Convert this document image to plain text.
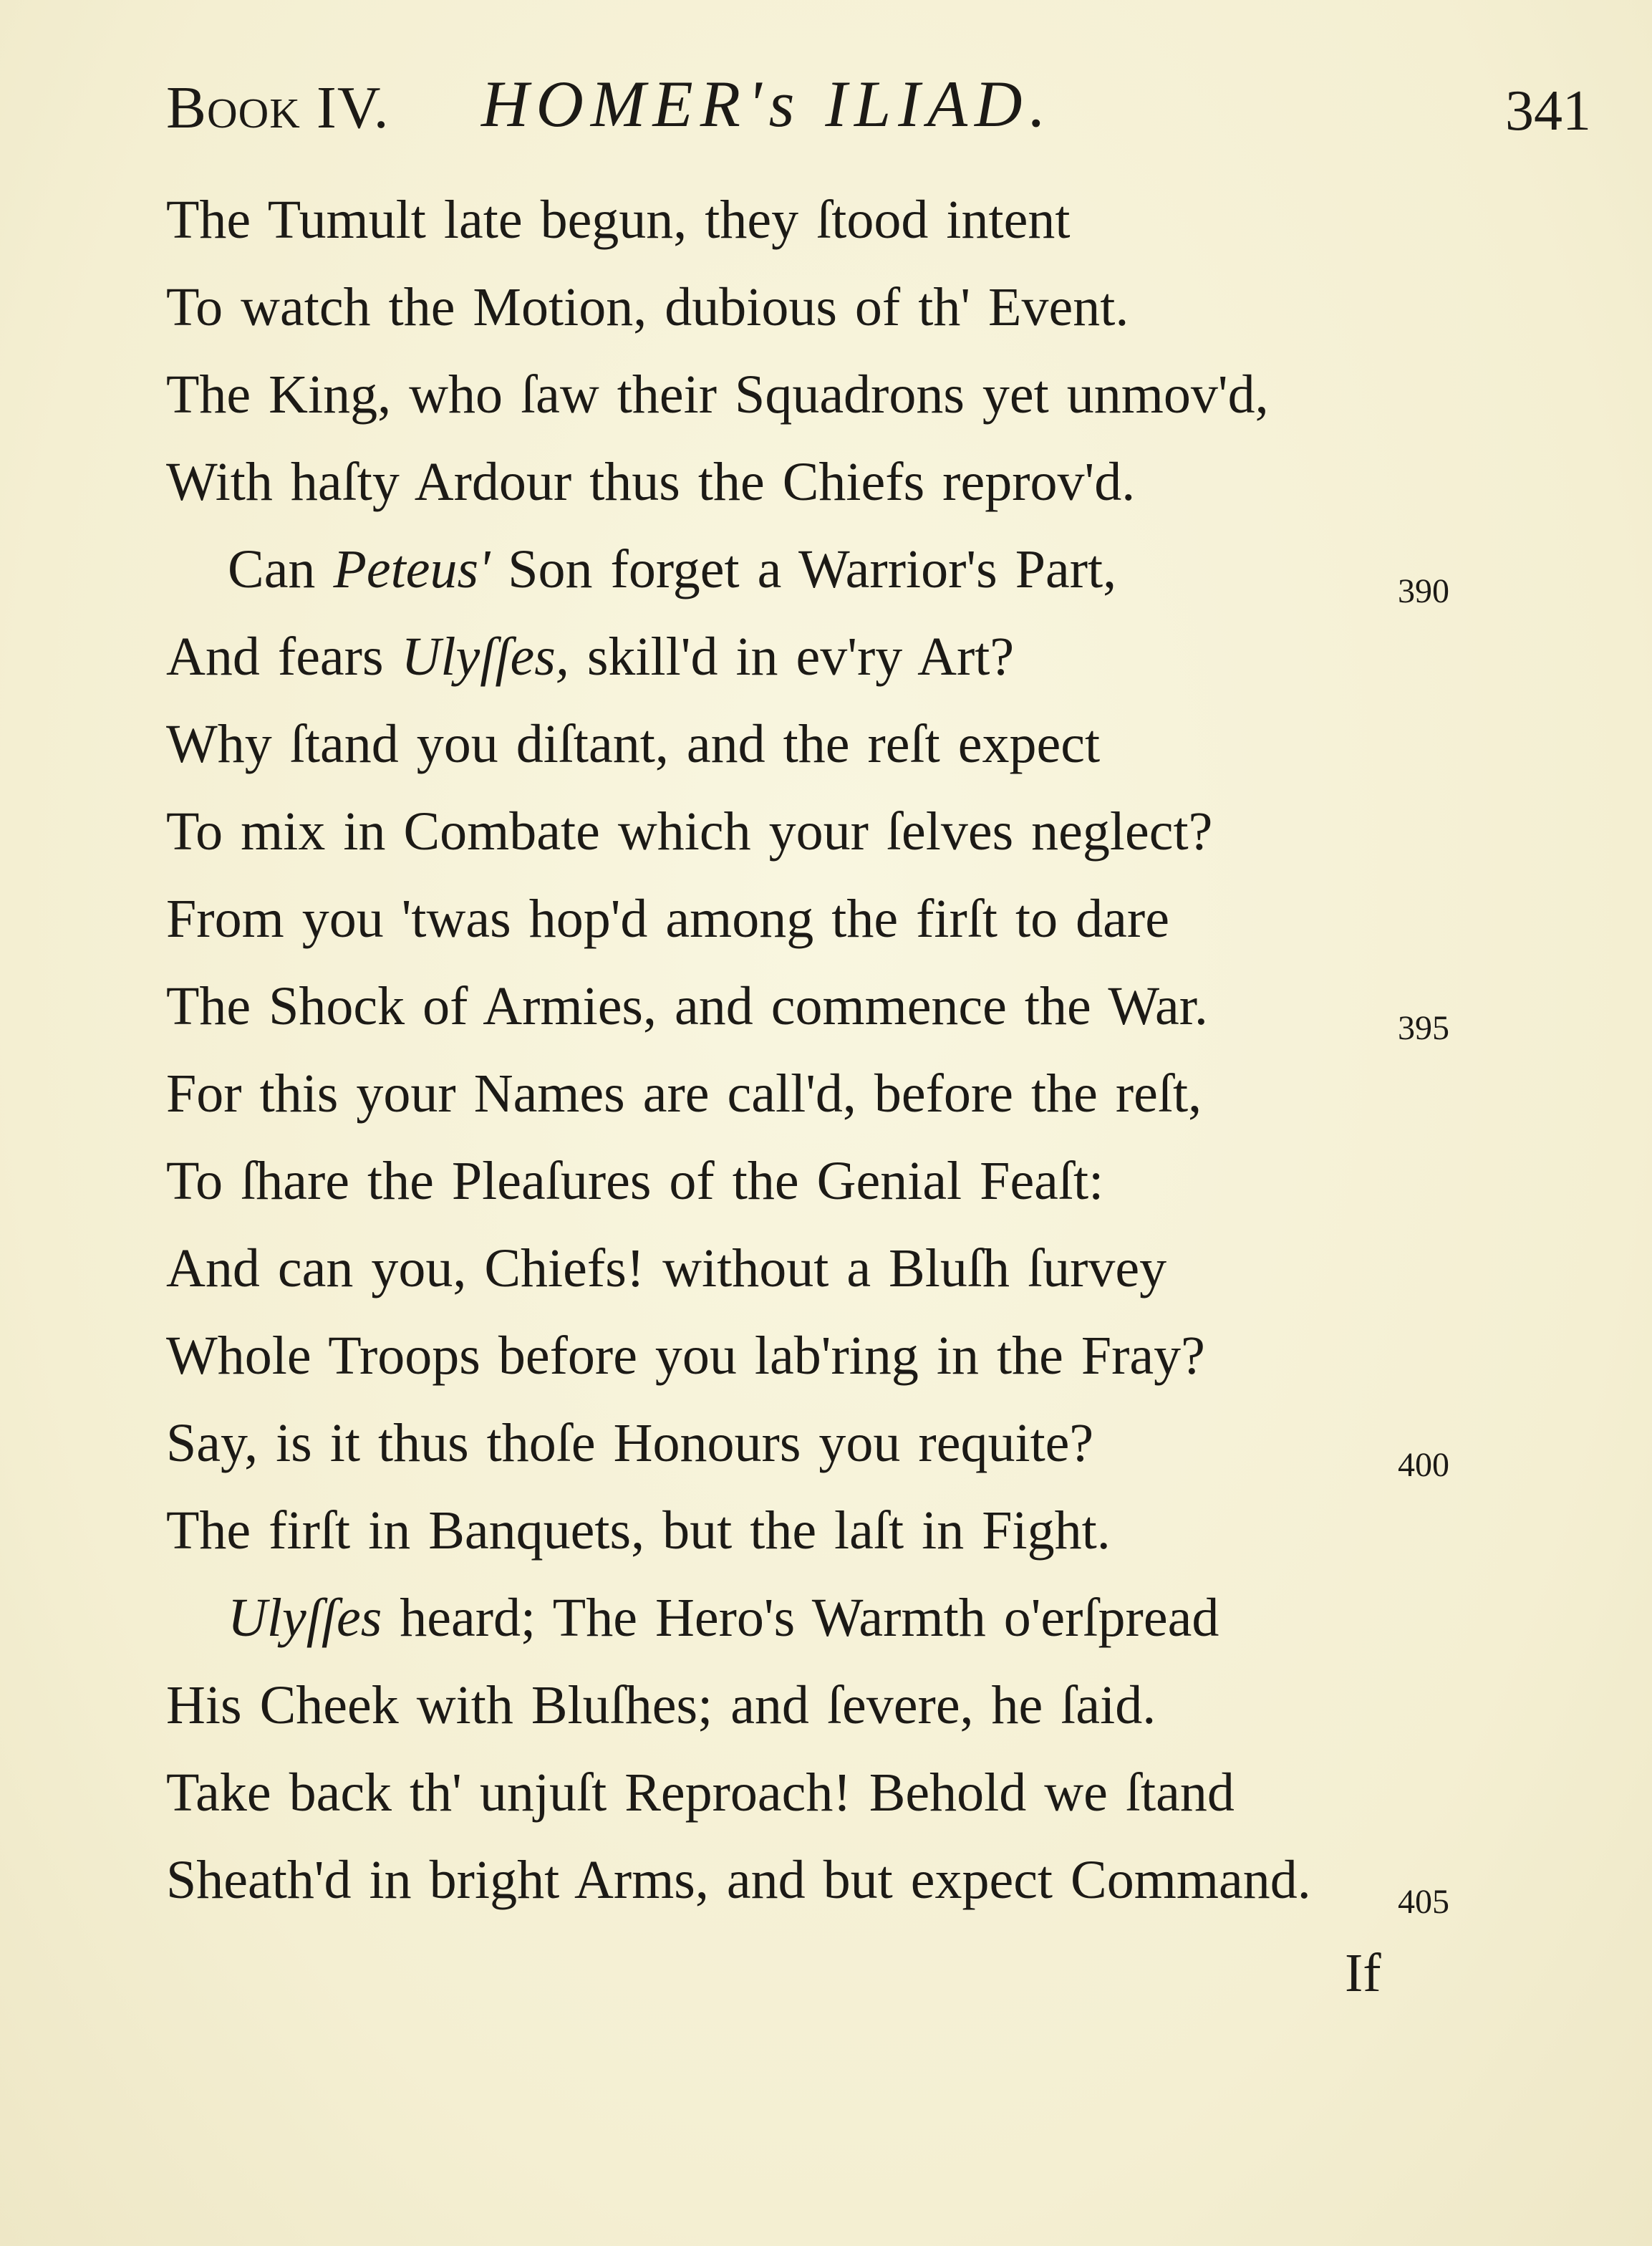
Book IV. HOMER's ILIAD.	341
The Tumult late begun, they ſtood intent
To watch the Motion, dubious of th' Event.
The King, who ſaw their Squadrons yet unmov'd,
With haſty Ardour thus the Chiefs reprov'd.
Can Peteus' Son forget a Warrior's Part,
And fears Ulyſſes, skill'd in ev'ry Art?
Why ſtand you diſtant, and the reſt expect
To mix in Combate which your ſelves neglect?
From you 'twas hop'd among the firſt to dare
The Shock of Armies, and commence the War.
For this your Names are call'd, before the reſt,
To ſhare the Pleaſures of the Genial Feaſt:
And can you, Chiefs! without a Bluſh ſurvey
Whole Troops before you lab'ring in the Fray?
Say, is it thus thoſe Honours you requite?
The firſt in Banquets, but the laſt in Fight.
Ulyſſes heard; The Hero's Warmth o'erſpread
His Cheek with Bluſhes; and ſevere, he ſaid.
Take back th' unjuſt Reproach! Behold we ſtand
Sheath'd in bright Arms, and but expect Command.
390
395
400
405
If
